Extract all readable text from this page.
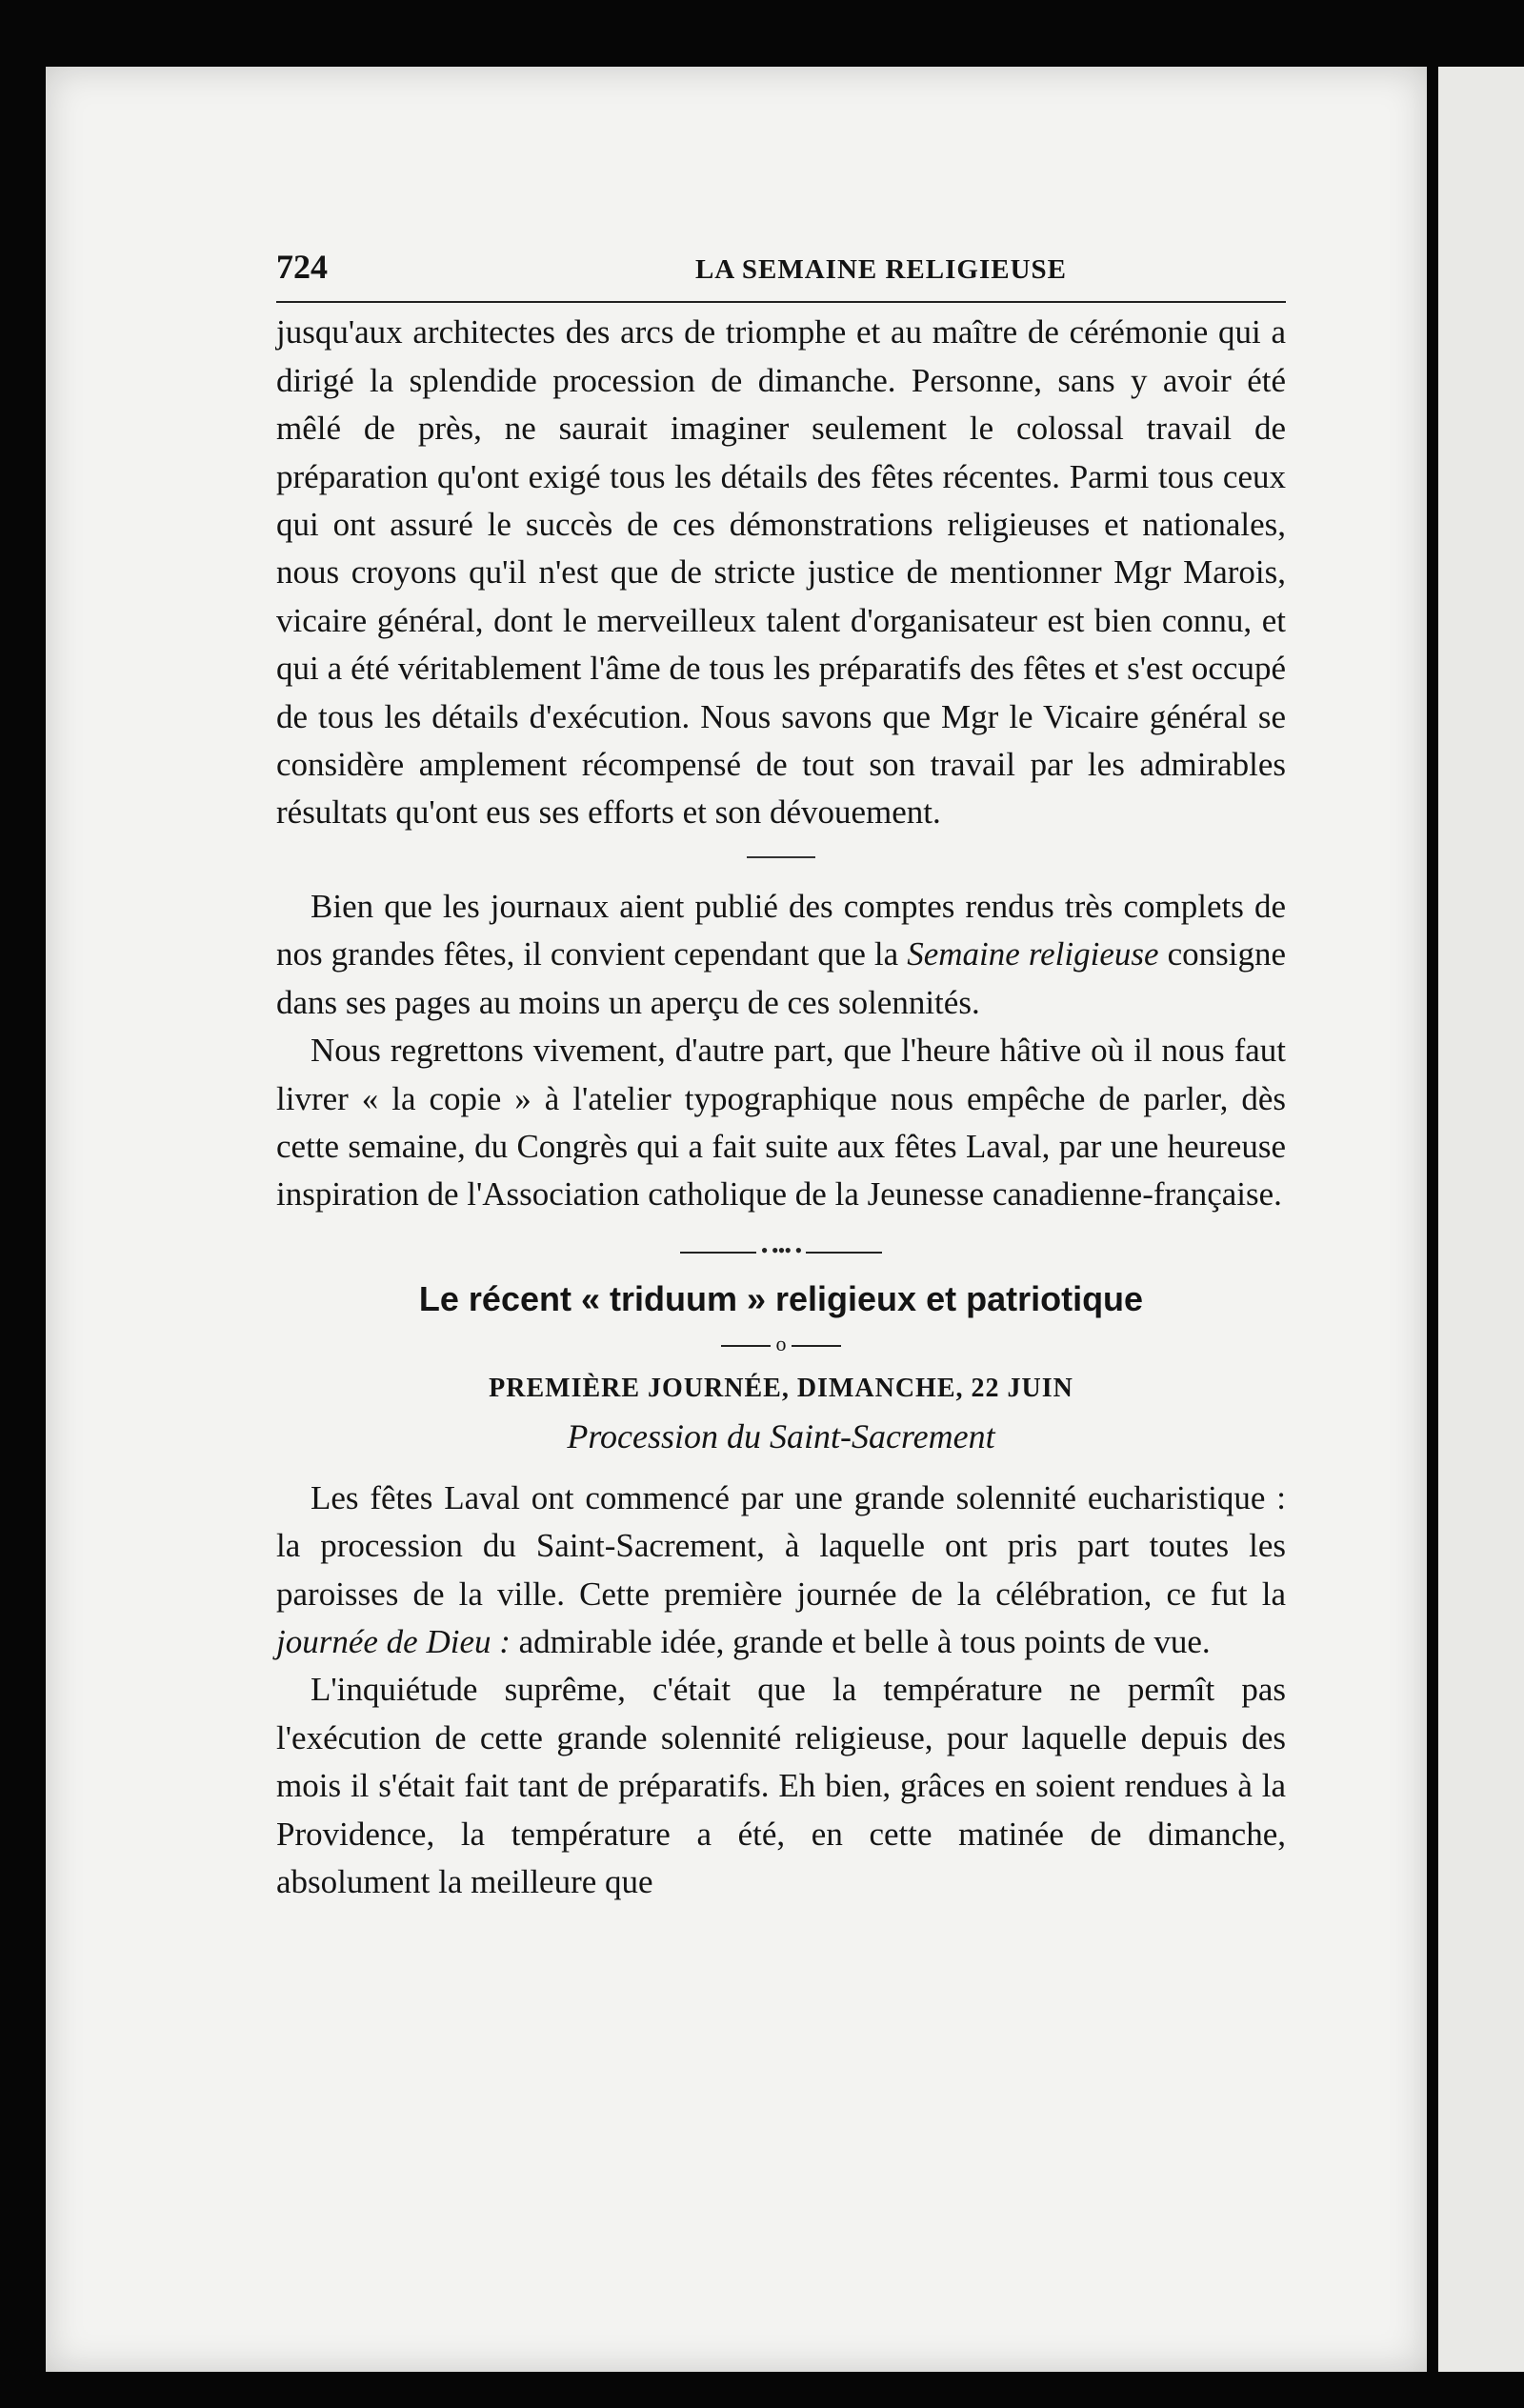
724	LA SEMAINE RELIGIEUSE

jusqu'aux architectes des arcs de triomphe et au maître de cérémonie qui a dirigé la splendide procession de dimanche. Personne, sans y avoir été mêlé de près, ne saurait imaginer seulement le colossal travail de préparation qu'ont exigé tous les détails des fêtes récentes. Parmi tous ceux qui ont assuré le succès de ces démonstrations religieuses et nationales, nous croyons qu'il n'est que de stricte justice de mentionner Mgr Marois, vicaire général, dont le merveilleux talent d'organisateur est bien connu, et qui a été véritablement l'âme de tous les préparatifs des fêtes et s'est occupé de tous les détails d'exécution. Nous savons que Mgr le Vicaire général se considère amplement récompensé de tout son travail par les admirables résultats qu'ont eus ses efforts et son dévouement.

Bien que les journaux aient publié des comptes rendus très complets de nos grandes fêtes, il convient cependant que la Semaine religieuse consigne dans ses pages au moins un aperçu de ces solennités.

Nous regrettons vivement, d'autre part, que l'heure hâtive où il nous faut livrer « la copie » à l'atelier typographique nous empêche de parler, dès cette semaine, du Congrès qui a fait suite aux fêtes Laval, par une heureuse inspiration de l'Association catholique de la Jeunesse canadienne-française.

• ••• •
Le récent « triduum » religieux et patriotique
o
PREMIÈRE JOURNÉE, DIMANCHE, 22 JUIN
Procession du Saint-Sacrement

Les fêtes Laval ont commencé par une grande solennité eucharistique : la procession du Saint-Sacrement, à laquelle ont pris part toutes les paroisses de la ville. Cette première journée de la célébration, ce fut la journée de Dieu : admirable idée, grande et belle à tous points de vue.

L'inquiétude suprême, c'était que la température ne permît pas l'exécution de cette grande solennité religieuse, pour laquelle depuis des mois il s'était fait tant de préparatifs. Eh bien, grâces en soient rendues à la Providence, la température a été, en cette matinée de dimanche, absolument la meilleure que
